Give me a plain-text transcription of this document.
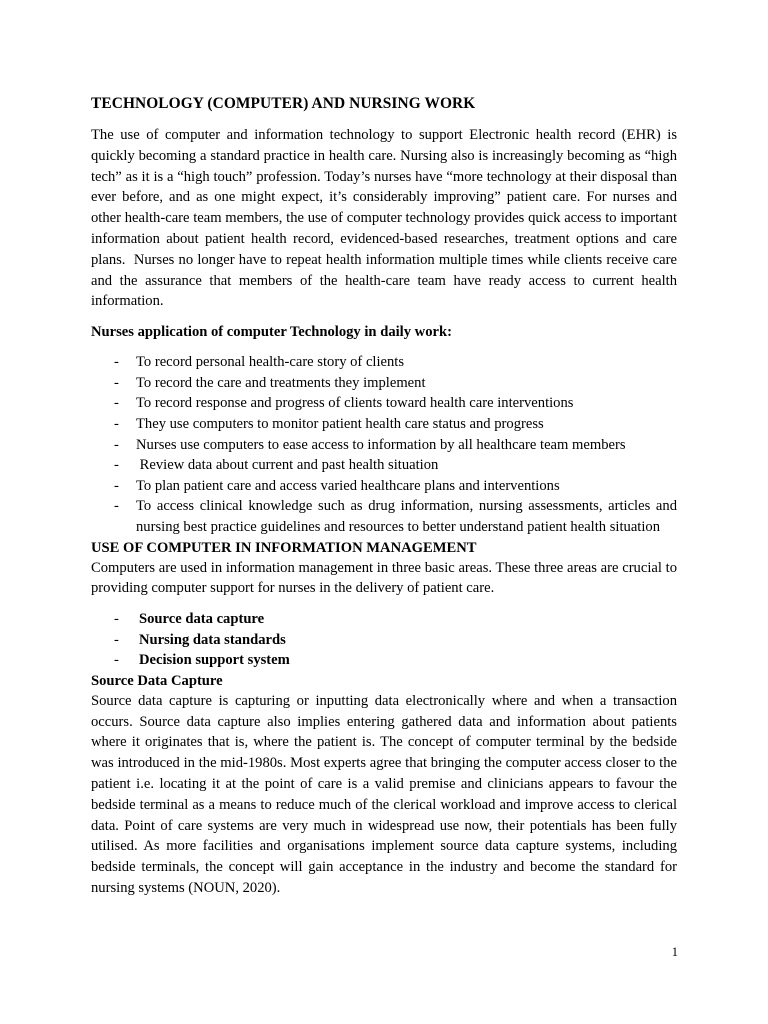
TECHNOLOGY (COMPUTER) AND NURSING WORK

The use of computer and information technology to support Electronic health record (EHR) is quickly becoming a standard practice in health care. Nursing also is increasingly becoming as “high tech” as it is a “high touch” profession. Today’s nurses have “more technology at their disposal than ever before, and as one might expect, it’s considerably improving” patient care. For nurses and other health-care team members, the use of computer technology provides quick access to important information about patient health record, evidenced-based researches, treatment options and care plans.  Nurses no longer have to repeat health information multiple times while clients receive care and the assurance that members of the health-care team have ready access to current health information.

Nurses application of computer Technology in daily work:
- To record personal health-care story of clients
- To record the care and treatments they implement
- To record response and progress of clients toward health care interventions
- They use computers to monitor patient health care status and progress
- Nurses use computers to ease access to information by all healthcare team members
- Review data about current and past health situation
- To plan patient care and access varied healthcare plans and interventions
- To access clinical knowledge such as drug information, nursing assessments, articles and nursing best practice guidelines and resources to better understand patient health situation
USE OF COMPUTER IN INFORMATION MANAGEMENT

Computers are used in information management in three basic areas. These three areas are crucial to providing computer support for nurses in the delivery of patient care.

- Source data capture
- Nursing data standards
- Decision support system
Source Data Capture

Source data capture is capturing or inputting data electronically where and when a transaction occurs. Source data capture also implies entering gathered data and information about patients where it originates that is, where the patient is. The concept of computer terminal by the bedside was introduced in the mid-1980s. Most experts agree that bringing the computer access closer to the patient i.e. locating it at the point of care is a valid premise and clinicians appears to favour the bedside terminal as a means to reduce much of the clerical workload and improve access to clerical data. Point of care systems are very much in widespread use now, their potentials has been fully utilised. As more facilities and organisations implement source data capture systems, including bedside terminals, the concept will gain acceptance in the industry and become the standard for nursing systems (NOUN, 2020).

1
